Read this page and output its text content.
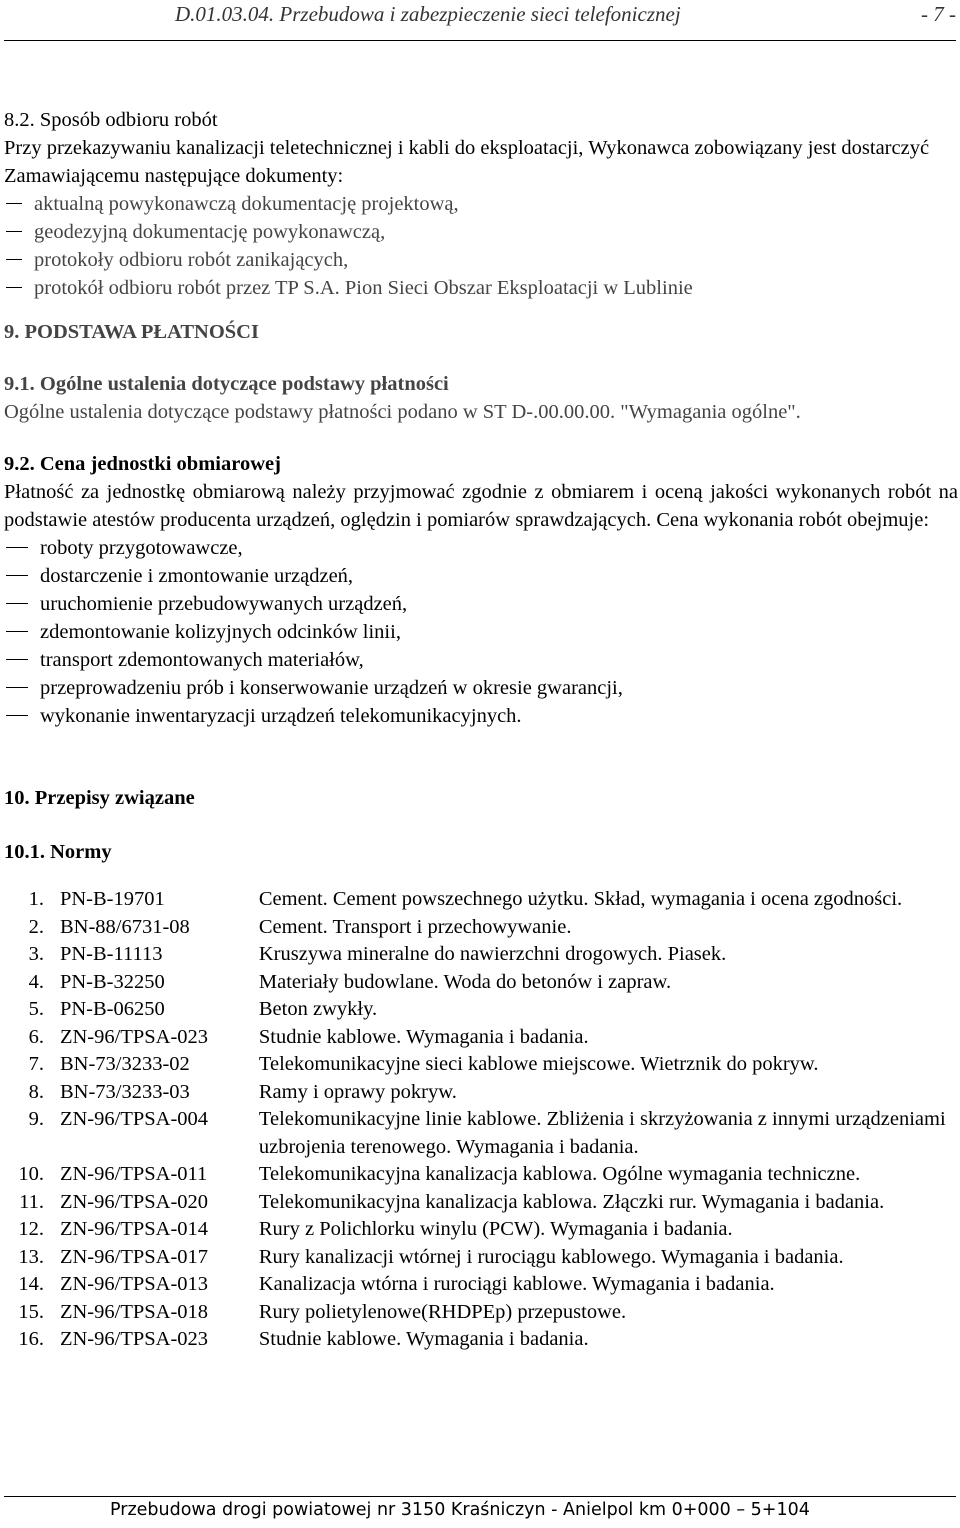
D.01.03.04. Przebudowa i zabezpieczenie sieci telefonicznej	- 7 -

8.2. Sposób odbioru robót

Przy przekazywaniu kanalizacji teletechnicznej i kabli do eksploatacji, Wykonawca zobowiązany jest dostarczyć Zamawiającemu następujące dokumenty:

aktualną powykonawczą dokumentację projektową,
geodezyjną dokumentację powykonawczą,
protokoły odbioru robót zanikających,
protokół odbioru robót przez TP S.A. Pion Sieci Obszar Eksploatacji w Lublinie

9. PODSTAWA PŁATNOŚCI

9.1. Ogólne ustalenia dotyczące podstawy płatności

Ogólne ustalenia dotyczące podstawy płatności podano w ST D-.00.00.00. "Wymagania ogólne".

9.2. Cena jednostki obmiarowej

Płatność za jednostkę obmiarową należy przyjmować zgodnie z obmiarem i oceną jakości wykonanych robót na podstawie atestów producenta urządzeń, oględzin i pomiarów sprawdzających. Cena wykonania robót obejmuje:

roboty przygotowawcze,
dostarczenie i zmontowanie urządzeń,
uruchomienie przebudowywanych urządzeń,
zdemontowanie kolizyjnych odcinków linii,
transport zdemontowanych materiałów,
przeprowadzeniu prób i konserwowanie urządzeń w okresie gwarancji,
wykonanie inwentaryzacji urządzeń telekomunikacyjnych.

10. Przepisy związane

10.1. Normy

1.	PN-B-19701	Cement. Cement powszechnego użytku. Skład, wymagania i ocena zgodności.
2.	BN-88/6731-08	Cement. Transport i przechowywanie.
3.	PN-B-11113	Kruszywa mineralne do nawierzchni drogowych. Piasek.
4.	PN-B-32250	Materiały budowlane. Woda do betonów i zapraw.
5.	PN-B-06250	Beton zwykły.
6.	ZN-96/TPSA-023	Studnie kablowe. Wymagania i badania.
7.	BN-73/3233-02	Telekomunikacyjne sieci kablowe miejscowe. Wietrznik do pokryw.
8.	BN-73/3233-03	Ramy i oprawy pokryw.
9.	ZN-96/TPSA-004	Telekomunikacyjne linie kablowe. Zbliżenia i skrzyżowania z innymi urządzeniami uzbrojenia terenowego. Wymagania i badania.
10.	ZN-96/TPSA-011	Telekomunikacyjna kanalizacja kablowa. Ogólne wymagania techniczne.
11.	ZN-96/TPSA-020	Telekomunikacyjna kanalizacja kablowa. Złączki rur. Wymagania i badania.
12.	ZN-96/TPSA-014	Rury z Polichlorku winylu (PCW). Wymagania i badania.
13.	ZN-96/TPSA-017	Rury kanalizacji wtórnej i rurociągu kablowego. Wymagania i badania.
14.	ZN-96/TPSA-013	Kanalizacja wtórna i rurociągi kablowe. Wymagania i badania.
15.	ZN-96/TPSA-018	Rury polietylenowe(RHDPEp) przepustowe.
16.	ZN-96/TPSA-023	Studnie kablowe. Wymagania i badania.
Przebudowa drogi powiatowej nr 3150 Kraśniczyn - Anielpol km 0+000 – 5+104
